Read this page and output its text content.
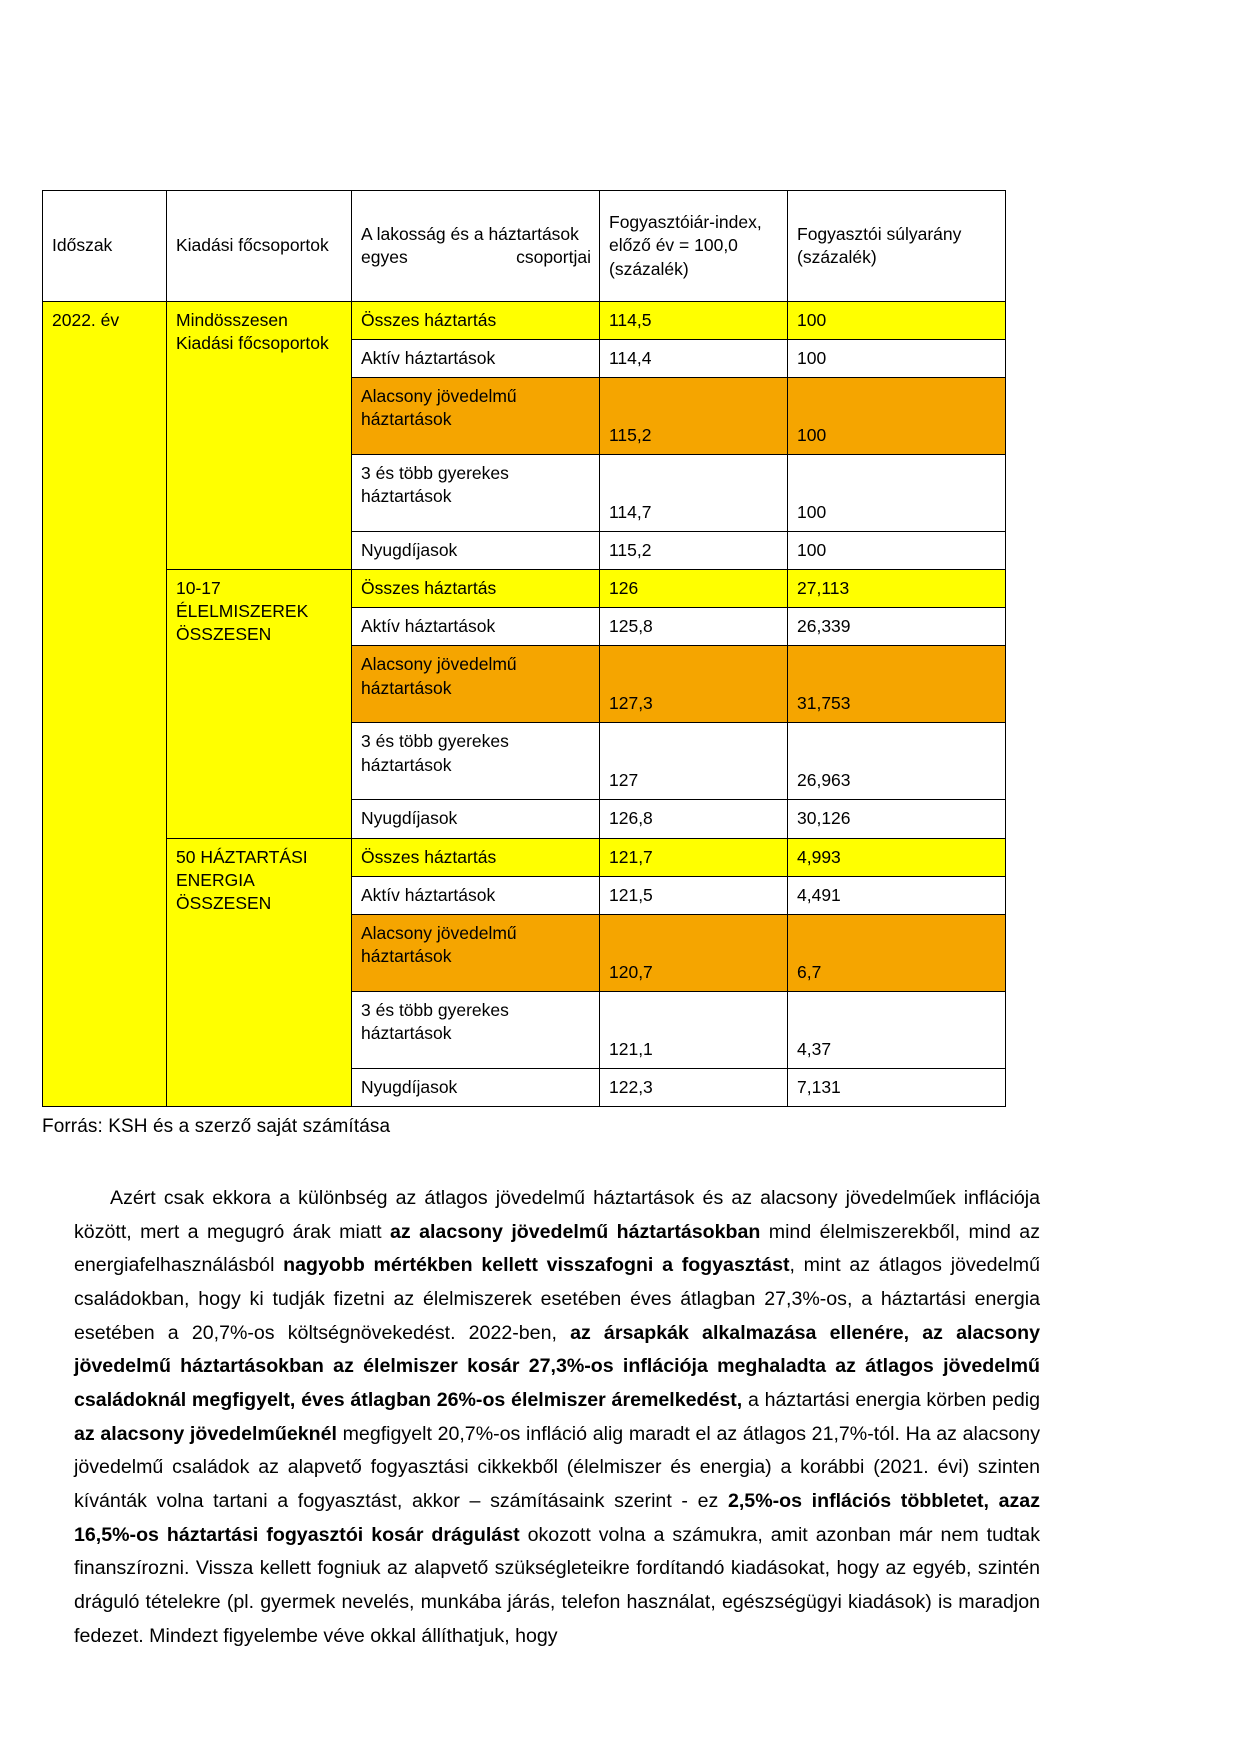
Időszak	Kiadási főcsoportok	A lakosság és a háztartások egyes csoportjai	Fogyasztóiár-index, előző év = 100,0 (százalék)	Fogyasztói súlyarány (százalék)
2022. év	Mindösszesen Kiadási főcsoportok	Összes háztartás	114,5	100
		Aktív háztartások	114,4	100
		Alacsony jövedelmű háztartások	115,2	100
		3 és több gyerekes háztartások	114,7	100
		Nyugdíjasok	115,2	100
	10-17 ÉLELMISZEREK ÖSSZESEN	Összes háztartás	126	27,113
		Aktív háztartások	125,8	26,339
		Alacsony jövedelmű háztartások	127,3	31,753
		3 és több gyerekes háztartások	127	26,963
		Nyugdíjasok	126,8	30,126
	50 HÁZTARTÁSI ENERGIA ÖSSZESEN	Összes háztartás	121,7	4,993
		Aktív háztartások	121,5	4,491
		Alacsony jövedelmű háztartások	120,7	6,7
		3 és több gyerekes háztartások	121,1	4,37
		Nyugdíjasok	122,3	7,131
Forrás: KSH és a szerző saját számítása

Azért csak ekkora a különbség az átlagos jövedelmű háztartások és az alacsony jövedelműek inflációja között, mert a megugró árak miatt az alacsony jövedelmű háztartásokban mind élelmiszerekből, mind az energiafelhasználásból nagyobb mértékben kellett visszafogni a fogyasztást, mint az átlagos jövedelmű családokban, hogy ki tudják fizetni az élelmiszerek esetében éves átlagban 27,3%-os, a háztartási energia esetében a 20,7%-os költségnövekedést. 2022-ben, az ársapkák alkalmazása ellenére, az alacsony jövedelmű háztartásokban az élelmiszer kosár 27,3%-os inflációja meghaladta az átlagos jövedelmű családoknál megfigyelt, éves átlagban 26%-os élelmiszer áremelkedést, a háztartási energia körben pedig az alacsony jövedelműeknél megfigyelt 20,7%-os infláció alig maradt el az átlagos 21,7%-tól. Ha az alacsony jövedelmű családok az alapvető fogyasztási cikkekből (élelmiszer és energia) a korábbi (2021. évi) szinten kívánták volna tartani a fogyasztást, akkor – számításaink szerint - ez 2,5%-os inflációs többletet, azaz 16,5%-os háztartási fogyasztói kosár drágulást okozott volna a számukra, amit azonban már nem tudtak finanszírozni. Vissza kellett fogniuk az alapvető szükségleteikre fordítandó kiadásokat, hogy az egyéb, szintén dráguló tételekre (pl. gyermek nevelés, munkába járás, telefon használat, egészségügyi kiadások) is maradjon fedezet. Mindezt figyelembe véve okkal állíthatjuk, hogy
